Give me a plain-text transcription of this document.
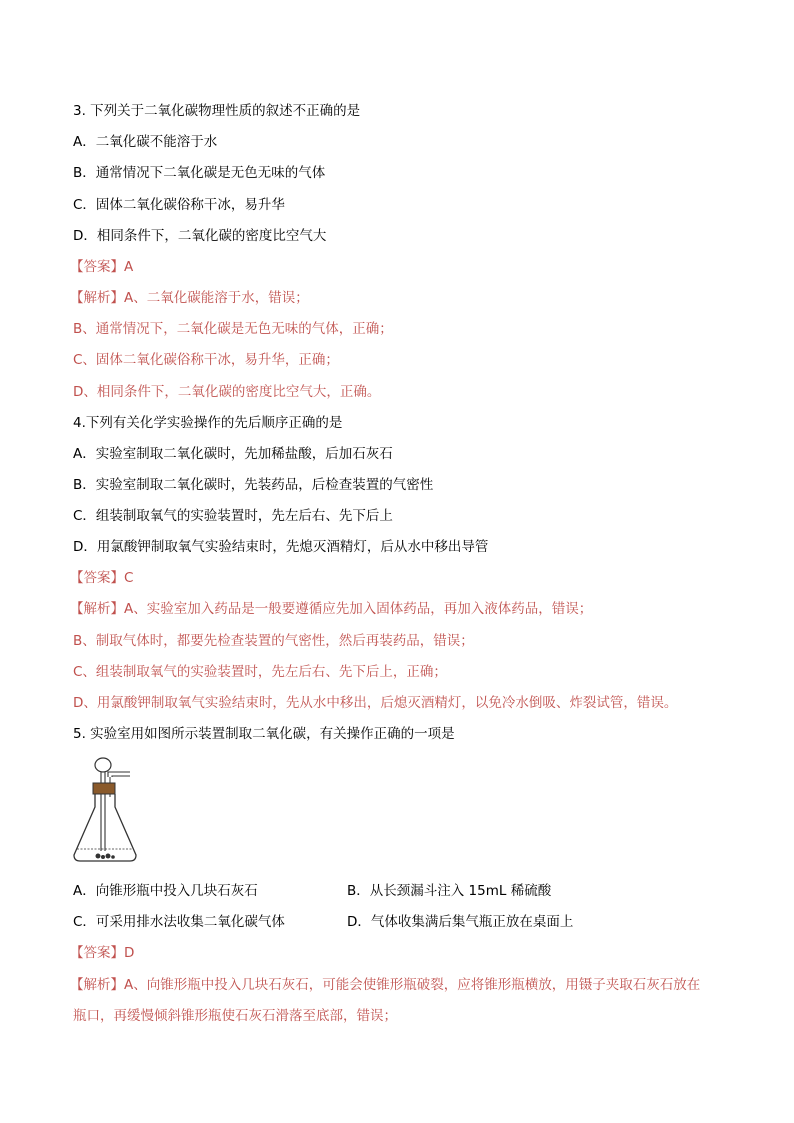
3. 下列关于二氧化碳物理性质的叙述不正确的是
A．二氧化碳不能溶于水
B．通常情况下二氧化碳是无色无味的气体
C．固体二氧化碳俗称干冰，易升华
D．相同条件下，二氧化碳的密度比空气大
【答案】A
【解析】A、二氧化碳能溶于水，错误；
B、通常情况下，二氧化碳是无色无味的气体，正确；
C、固体二氧化碳俗称干冰，易升华，正确；
D、相同条件下，二氧化碳的密度比空气大，正确。
4.下列有关化学实验操作的先后顺序正确的是
A．实验室制取二氧化碳时，先加稀盐酸，后加石灰石
B．实验室制取二氧化碳时，先装药品，后检查装置的气密性
C．组装制取氧气的实验装置时，先左后右、先下后上
D．用氯酸钾制取氧气实验结束时，先熄灭酒精灯，后从水中移出导管
【答案】C
【解析】A、实验室加入药品是一般要遵循应先加入固体药品，再加入液体药品，错误；
B、制取气体时，都要先检查装置的气密性，然后再装药品，错误；
C、组装制取氧气的实验装置时，先左后右、先下后上，正确；
D、用氯酸钾制取氧气实验结束时，先从水中移出，后熄灭酒精灯，以免冷水倒吸、炸裂试管，错误。
5. 实验室用如图所示装置制取二氧化碳，有关操作正确的一项是
A．向锥形瓶中投入几块石灰石	B．从长颈漏斗注入 15mL 稀硫酸
C．可采用排水法收集二氧化碳气体	D．气体收集满后集气瓶正放在桌面上
【答案】D
【解析】A、向锥形瓶中投入几块石灰石，可能会使锥形瓶破裂，应将锥形瓶横放，用镊子夹取石灰石放在
瓶口，再缓慢倾斜锥形瓶使石灰石滑落至底部，错误；
